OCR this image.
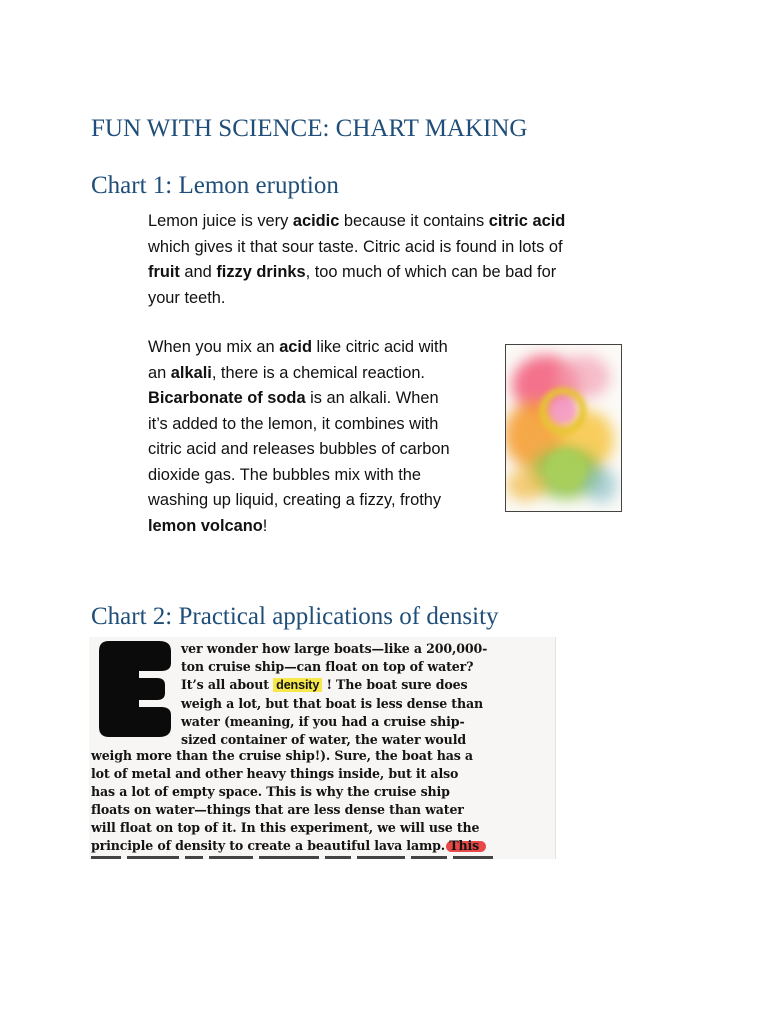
FUN WITH SCIENCE: CHART MAKING
Chart 1: Lemon eruption
Lemon juice is very acidic because it contains citric acid
which gives it that sour taste. Citric acid is found in lots of
fruit and fizzy drinks, too much of which can be bad for
your teeth.
When you mix an acid like citric acid with
an alkali, there is a chemical reaction.
Bicarbonate of soda is an alkali. When
it’s added to the lemon, it combines with
citric acid and releases bubbles of carbon
dioxide gas. The bubbles mix with the
washing up liquid, creating a fizzy, frothy
lemon volcano!
Chart 2: Practical applications of density
ver wonder how large boats—like a 200,000-
ton cruise ship—can float on top of water?
It’s all about density ! The boat sure does
weigh a lot, but that boat is less dense than
water (meaning, if you had a cruise ship-
sized container of water, the water would
weigh more than the cruise ship!). Sure, the boat has a
lot of metal and other heavy things inside, but it also
has a lot of empty space. This is why the cruise ship
floats on water—things that are less dense than water
will float on top of it. In this experiment, we will use the
principle of density to create a beautiful lava lamp. This
